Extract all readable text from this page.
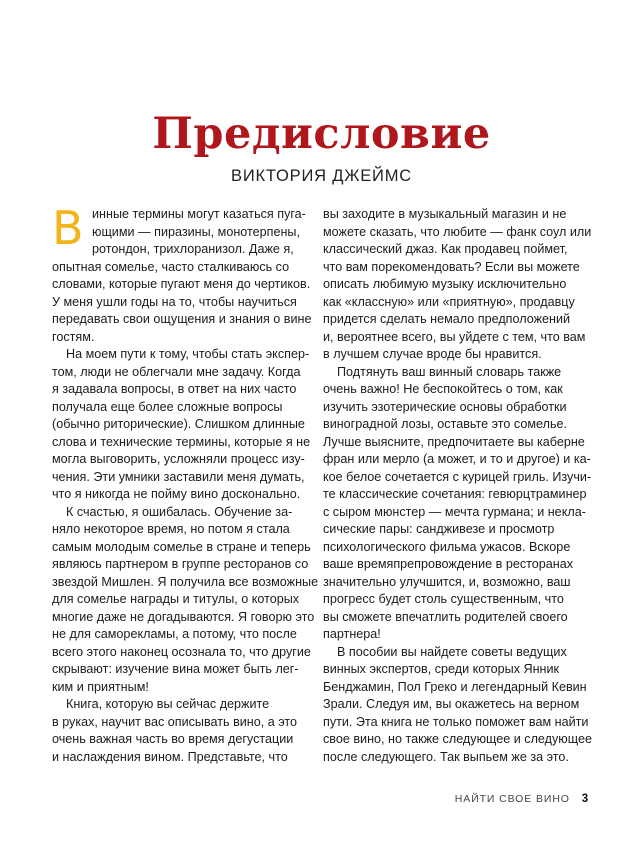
Предисловие
ВИКТОРИЯ ДЖЕЙМС
В инные термины могут казаться пуга-
ющими — пиразины, монотерпены,
ротондон, трихлоранизол. Даже я,
опытная сомелье, часто сталкиваюсь со
словами, которые пугают меня до чертиков.
У меня ушли годы на то, чтобы научиться
передавать свои ощущения и знания о вине
гостям.
На моем пути к тому, чтобы стать экспер-
том, люди не облегчали мне задачу. Когда
я задавала вопросы, в ответ на них часто
получала еще более сложные вопросы
(обычно риторические). Слишком длинные
слова и технические термины, которые я не
могла выговорить, усложняли процесс изу-
чения. Эти умники заставили меня думать,
что я никогда не пойму вино досконально.
К счастью, я ошибалась. Обучение за-
няло некоторое время, но потом я стала
самым молодым сомелье в стране и теперь
являюсь партнером в группе ресторанов со
звездой Мишлен. Я получила все возможные
для сомелье награды и титулы, о которых
многие даже не догадываются. Я говорю это
не для саморекламы, а потому, что после
всего этого наконец осознала то, что другие
скрывают: изучение вина может быть лег-
ким и приятным!
Книга, которую вы сейчас держите
в руках, научит вас описывать вино, а это
очень важная часть во время дегустации
и наслаждения вином. Представьте, что
вы заходите в музыкальный магазин и не
можете сказать, что любите — фанк соул или
классический джаз. Как продавец поймет,
что вам порекомендовать? Если вы можете
описать любимую музыку исключительно
как «классную» или «приятную», продавцу
придется сделать немало предположений
и, вероятнее всего, вы уйдете с тем, что вам
в лучшем случае вроде бы нравится.
Подтянуть ваш винный словарь также
очень важно! Не беспокойтесь о том, как
изучить эзотерические основы обработки
виноградной лозы, оставьте это сомелье.
Лучше выясните, предпочитаете вы каберне
фран или мерло (а может, и то и другое) и ка-
кое белое сочетается с курицей гриль. Изучи-
те классические сочетания: гевюрцтраминер
с сыром мюнстер — мечта гурмана; и некла-
сические пары: сандживезе и просмотр
психологического фильма ужасов. Вскоре
ваше времяпрепровождение в ресторанах
значительно улучшится, и, возможно, ваш
прогресс будет столь существенным, что
вы сможете впечатлить родителей своего
партнера!
В пособии вы найдете советы ведущих
винных экспертов, среди которых Янник
Бенджамин, Пол Греко и легендарный Кевин
Зрали. Следуя им, вы окажетесь на верном
пути. Эта книга не только поможет вам найти
свое вино, но также следующее и следующее
после следующего. Так выпьем же за это.
НАЙТИ СВОЕ ВИНО 3
